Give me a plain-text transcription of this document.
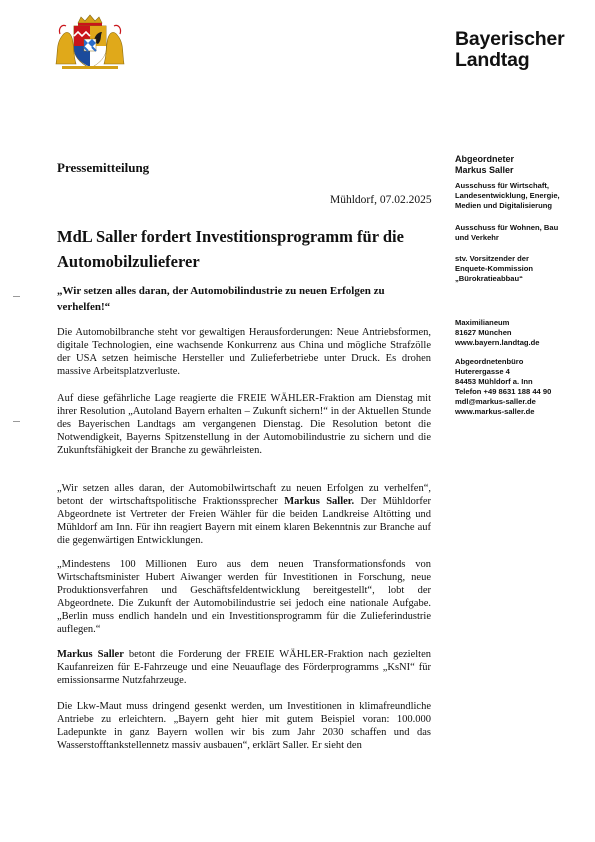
Bayerischer
Landtag
Pressemitteilung
Mühldorf, 07.02.2025
MdL Saller fordert Investitionsprogramm für die Automobilzulieferer
„Wir setzen alles daran, der Automobilindustrie zu neuen Erfolgen zu verhelfen!“
Die Automobilbranche steht vor gewaltigen Herausforderungen: Neue Antriebsformen, digitale Technologien, eine wachsende Konkurrenz aus China und mögliche Strafzölle der USA setzen heimische Hersteller und Zulieferbetriebe unter Druck. Es drohen massive Arbeitsplatzverluste.
Auf diese gefährliche Lage reagierte die FREIE WÄHLER-Fraktion am Dienstag mit ihrer Resolution „Autoland Bayern erhalten – Zukunft sichern!“ in der Aktuellen Stunde des Bayerischen Landtags am vergangenen Dienstag. Die Resolution betont die Notwendigkeit, Bayerns Spitzenstellung in der Automobilindustrie zu sichern und die Zukunftsfähigkeit der Branche zu gewährleisten.
„Wir setzen alles daran, der Automobilwirtschaft zu neuen Erfolgen zu verhelfen“, betont der wirtschaftspolitische Fraktionssprecher Markus Saller. Der Mühldorfer Abgeordnete ist Vertreter der Freien Wähler für die beiden Landkreise Altötting und Mühldorf am Inn. Für ihn reagiert Bayern mit einem klaren Bekenntnis zur Branche auf die gegenwärtigen Entwicklungen.
„Mindestens 100 Millionen Euro aus dem neuen Transformationsfonds von Wirtschaftsminister Hubert Aiwanger werden für Investitionen in Forschung, neue Produktionsverfahren und Geschäftsfeldentwicklung bereitgestellt“, lobt der Abgeordnete. Die Zukunft der Automobilindustrie sei jedoch eine nationale Aufgabe. „Berlin muss endlich handeln und ein Investitionsprogramm für die Zulieferindustrie auflegen.“
Markus Saller betont die Forderung der FREIE WÄHLER-Fraktion nach gezielten Kaufanreizen für E-Fahrzeuge und eine Neuauflage des Förderprogramms „KsNI“ für emissionsarme Nutzfahrzeuge.
Die Lkw-Maut muss dringend gesenkt werden, um Investitionen in klimafreundliche Antriebe zu erleichtern. „Bayern geht hier mit gutem Beispiel voran: 100.000 Ladepunkte in ganz Bayern wollen wir bis zum Jahr 2030 schaffen und das Wasserstofftankstellennetz massiv ausbauen“, erklärt Saller. Er sieht den
Abgeordneter
Markus Saller
Ausschuss für Wirtschaft,
Landesentwicklung, Energie,
Medien und Digitalisierung
Ausschuss für Wohnen, Bau
und Verkehr
stv. Vorsitzender der
Enquete-Kommission
„Bürokratieabbau“
Maximilianeum
81627 München
www.bayern.landtag.de
Abgeordnetenbüro
Huterergasse 4
84453 Mühldorf a. Inn
Telefon +49 8631 188 44 90
mdl@markus-saller.de
www.markus-saller.de
